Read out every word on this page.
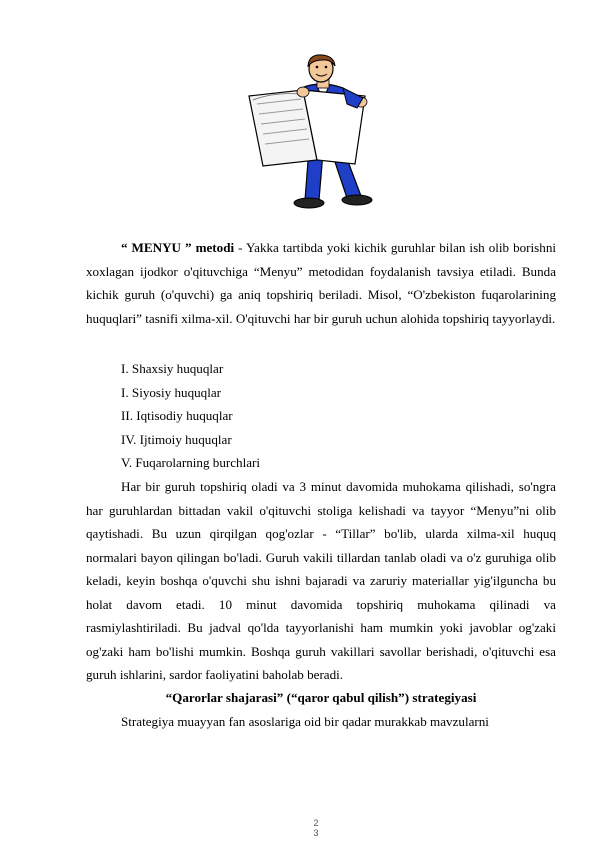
“ MENYU ” metodi - Yakka tartibda yoki kichik guruhlar bilan ish olib borishni xoxlagan ijodkor o'qituvchiga “Menyu” metodidan foydalanish tavsiya etiladi. Bunda kichik guruh (o'quvchi) ga aniq topshiriq beriladi. Misol, “O'zbekiston fuqarolarining huquqlari” tasnifi xilma-xil. O'qituvchi har bir guruh uchun alohida topshiriq tayyorlaydi.
I. Shaxsiy huquqlar
I. Siyosiy huquqlar
II. Iqtisodiy huquqlar
IV. Ijtimoiy huquqlar
V. Fuqarolarning burchlari
Har bir guruh topshiriq oladi va 3 minut davomida muhokama qilishadi, so'ngra har guruhlardan bittadan vakil o'qituvchi stoliga kelishadi va tayyor “Menyu”ni olib qaytishadi. Bu uzun qirqilgan qog'ozlar - “Tillar” bo'lib, ularda xilma-xil huquq normalari bayon qilingan bo'ladi. Guruh vakili tillardan tanlab oladi va o'z guruhiga olib keladi, keyin boshqa o'quvchi shu ishni bajaradi va zaruriy materiallar yig'ilguncha bu holat davom etadi. 10 minut davomida topshiriq muhokama qilinadi va rasmiylashtiriladi. Bu jadval qo'lda tayyorlanishi ham mumkin yoki javoblar og'zaki og'zaki ham bo'lishi mumkin. Boshqa guruh vakillari savollar berishadi, o'qituvchi esa guruh ishlarini, sardor faoliyatini baholab beradi.
“Qarorlar shajarasi” (“qaror qabul qilish”) strategiyasi
Strategiya muayyan fan asoslariga oid bir qadar murakkab mavzularni
2
3
